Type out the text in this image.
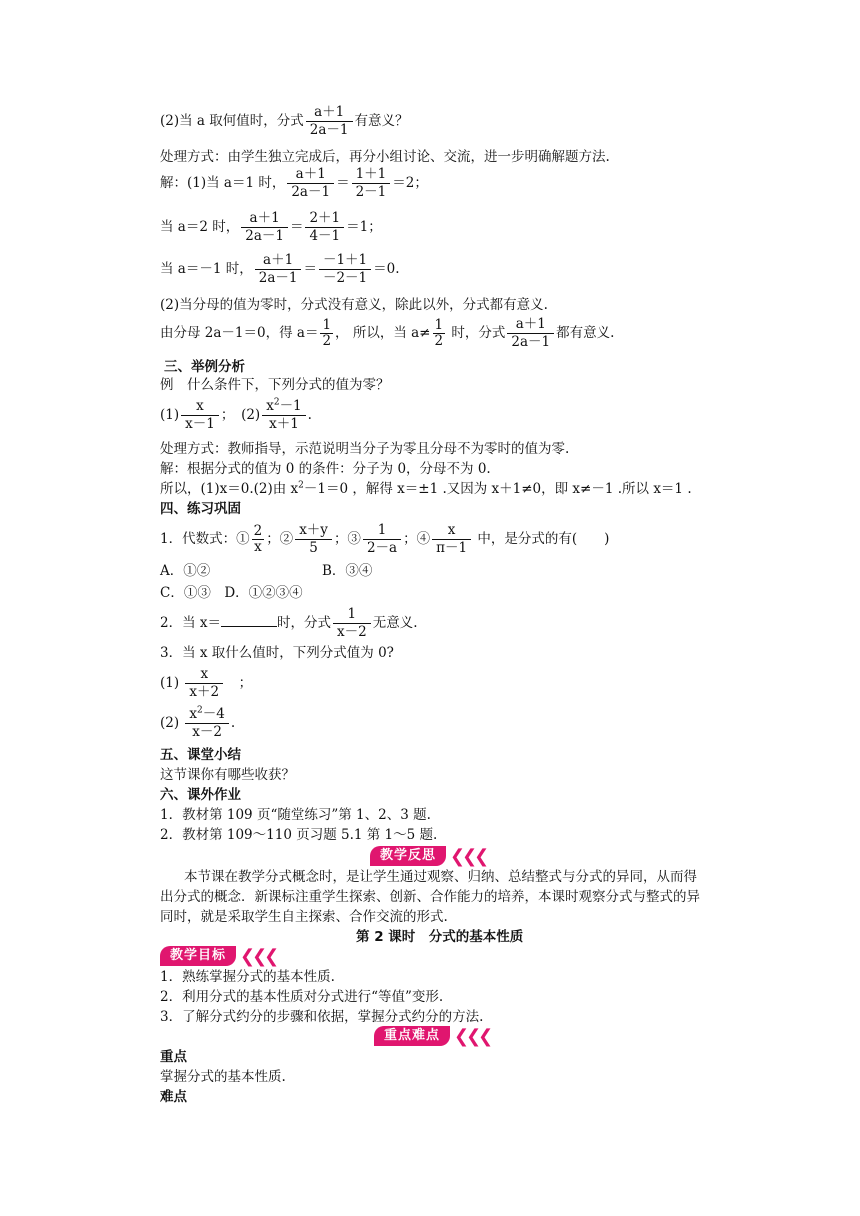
(2)当 a 取何值时，分式 $\frac{a+1}{2a-1}$ 有意义？
处理方式：由学生独立完成后，再分小组讨论、交流，进一步明确解题方法.
解：(1)当 a＝1 时， $\frac{a+1}{2a-1} = \frac{1+1}{2-1} =2$；
当 a＝2 时， $\frac{a+1}{2a-1} = \frac{2+1}{4-1} =1$；
当 a＝－1 时， $\frac{a+1}{2a-1} = \frac{-1+1}{-2-1} =0$.
(2)当分母的值为零时，分式没有意义，除此以外，分式都有意义.
由分母 2a－1＝0，得 $a= \frac{1}{2}$ ， 所以，当 $a\ne \frac{1}{2}$ 时，分式 $\frac{a+1}{2a-1}$ 都有意义.
三、举例分析
例　什么条件下，下列分式的值为零？
$(1) \frac{x}{x-1}$ ；　$(2) \frac{x^2-1}{x+1}$ .
处理方式：教师指导，示范说明当分子为零且分母不为零时的值为零.
解：根据分式的值为 0 的条件：分子为 0，分母不为 0.
所以，(1)x＝0.(2)由 $x^2-1=0$ ，解得 x＝±1 .又因为 x＋1≠0，即 x≠－1 .所以 x＝1 .
四、练习巩固
1．代数式：① $\frac{2}{x}$ ；② $\frac{x+y}{5}$ ；③ $\frac{1}{2-a}$ ；④ $\frac{x}{\pi-1}$ 中，是分式的有(　　)
A．①②	B．③④
C．①③　D．①②③④
2．当 x＝	时，分式 $\frac{1}{x-2}$ 无意义.
3．当 x 取什么值时，下列分式值为 0?
$(1) \frac{x}{x+2}$ 　；
$(2) \frac{x^2-4}{x-2}$ .
五、课堂小结
这节课你有哪些收获？
六、课外作业
1．教材第 109 页“随堂练习”第 1、2、3 题.
2．教材第 109～110 页习题 5.1 第 1～5 题.
教学反思 ❮❮❮
本节课在教学分式概念时，是让学生通过观察、归纳、总结整式与分式的异同，从而得
出分式的概念．新课标注重学生探索、创新、合作能力的培养，本课时观察分式与整式的异
同时，就是采取学生自主探索、合作交流的形式.
第 2 课时　分式的基本性质
教学目标 ❮❮❮
1．熟练掌握分式的基本性质.
2．利用分式的基本性质对分式进行“等值”变形.
3．了解分式约分的步骤和依据，掌握分式约分的方法.
重点难点 ❮❮❮
重点
掌握分式的基本性质.
难点
